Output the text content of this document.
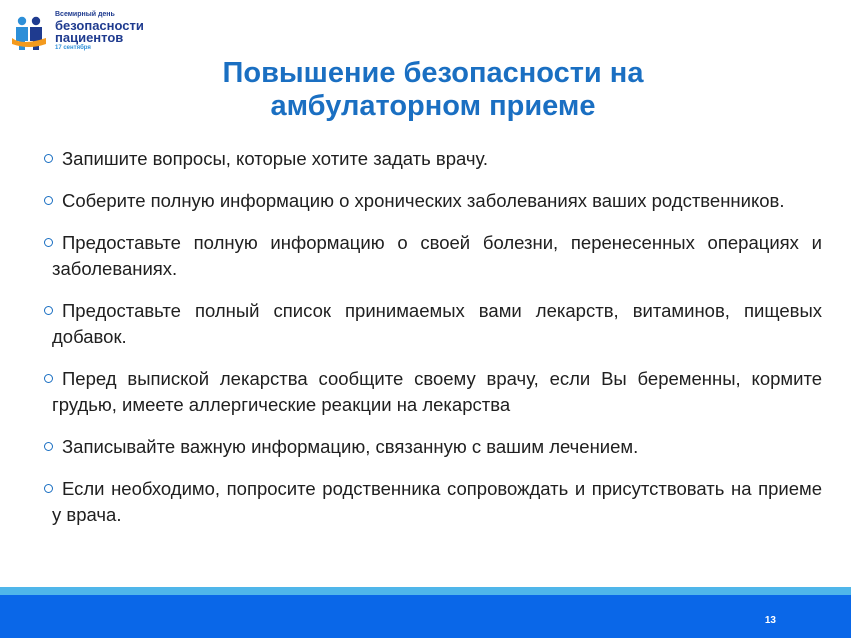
Всемирный день
безопасности
пациентов
17 сентября
Повышение безопасности на
амбулаторном приеме
Запишите вопросы, которые хотите задать врачу.
Соберите полную информацию о хронических заболеваниях ваших родственников.
Предоставьте полную информацию о своей болезни, перенесенных операциях и заболеваниях.
Предоставьте полный список принимаемых вами лекарств, витаминов, пищевых добавок.
Перед выпиской лекарства сообщите своему врачу, если Вы беременны, кормите грудью, имеете аллергические реакции на лекарства
Записывайте важную информацию, связанную с вашим лечением.
Если необходимо, попросите родственника сопровождать и присутствовать на приеме у врача.
13
